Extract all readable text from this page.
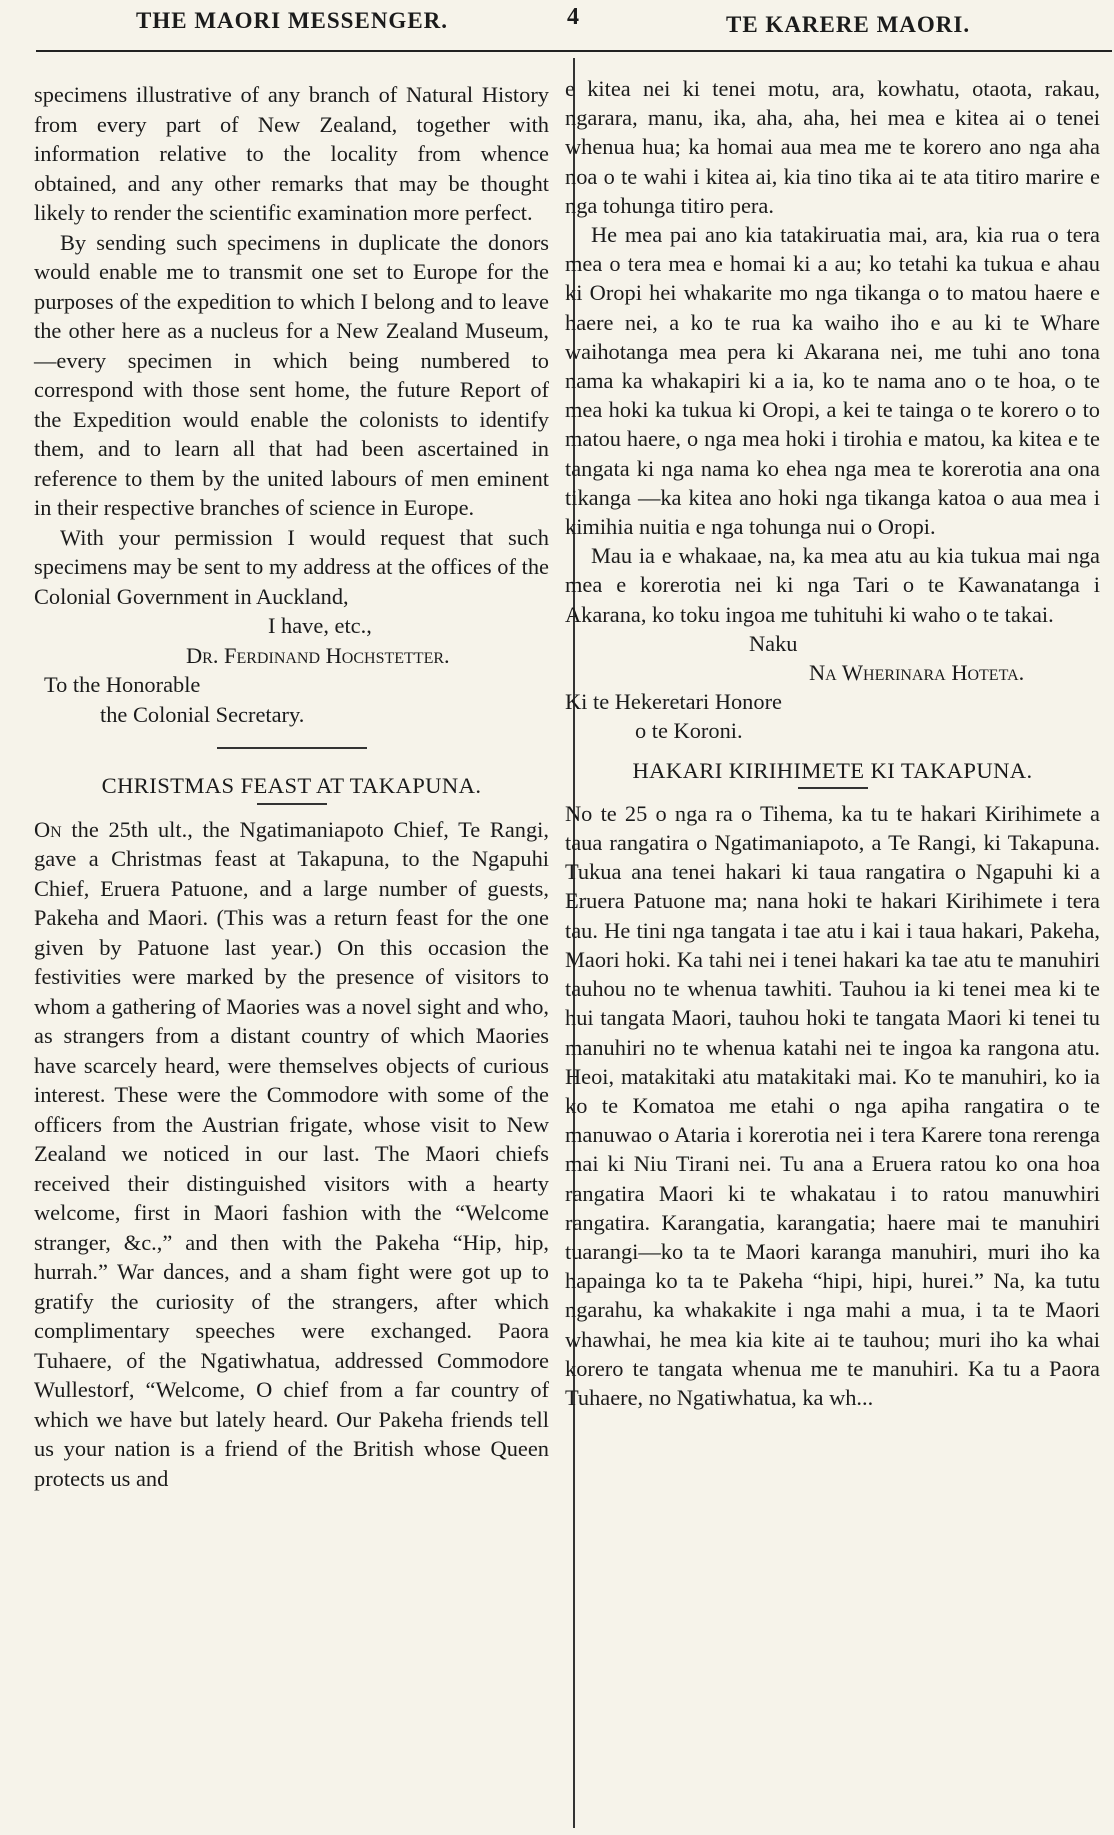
THE MAORI MESSENGER.	4	TE KARERE MAORI.

specimens illustrative of any branch of Natural History from every part of New Zealand, together with information relative to the locality from whence obtained, and any other remarks that may be thought likely to render the scientific examination more perfect.

By sending such specimens in duplicate the donors would enable me to transmit one set to Europe for the purposes of the expedition to which I belong and to leave the other here as a nucleus for a New Zealand Museum,—every specimen in which being numbered to correspond with those sent home, the future Report of the Expedition would enable the colonists to identify them, and to learn all that had been ascertained in reference to them by the united labours of men eminent in their respective branches of science in Europe.

With your permission I would request that such specimens may be sent to my address at the offices of the Colonial Government in Auckland,

I have, etc.,

Dr. Ferdinand Hochstetter.

To the Honorable

the Colonial Secretary.

CHRISTMAS FEAST AT TAKAPUNA.

On the 25th ult., the Ngatimaniapoto Chief, Te Rangi, gave a Christmas feast at Takapuna, to the Ngapuhi Chief, Eruera Patuone, and a large number of guests, Pakeha and Maori. (This was a return feast for the one given by Patuone last year.) On this occasion the festivities were marked by the presence of visitors to whom a gathering of Maories was a novel sight and who, as strangers from a distant country of which Maories have scarcely heard, were themselves objects of curious interest. These were the Commodore with some of the officers from the Austrian frigate, whose visit to New Zealand we noticed in our last. The Maori chiefs received their distinguished visitors with a hearty welcome, first in Maori fashion with the “Welcome stranger, &c.,” and then with the Pakeha “Hip, hip, hurrah.” War dances, and a sham fight were got up to gratify the curiosity of the strangers, after which complimentary speeches were exchanged. Paora Tuhaere, of the Ngatiwhatua, addressed Commodore Wullestorf, “Welcome, O chief from a far country of which we have but lately heard. Our Pakeha friends tell us your nation is a friend of the British whose Queen protects us and

e kitea nei ki tenei motu, ara, kowhatu, otaota, rakau, ngarara, manu, ika, aha, aha, hei mea e kitea ai o tenei whenua hua; ka homai aua mea me te korero ano nga aha noa o te wahi i kitea ai, kia tino tika ai te ata titiro marire e nga tohunga titiro pera.

He mea pai ano kia tatakiruatia mai, ara, kia rua o tera mea o tera mea e homai ki a au; ko tetahi ka tukua e ahau ki Oropi hei whakarite mo nga tikanga o to matou haere e haere nei, a ko te rua ka waiho iho e au ki te Whare waihotanga mea pera ki Akarana nei, me tuhi ano tona nama ka whakapiri ki a ia, ko te nama ano o te hoa, o te mea hoki ka tukua ki Oropi, a kei te tainga o te korero o to matou haere, o nga mea hoki i tirohia e matou, ka kitea e te tangata ki nga nama ko ehea nga mea te korerotia ana ona tikanga —ka kitea ano hoki nga tikanga katoa o aua mea i kimihia nuitia e nga tohunga nui o Oropi.

Mau ia e whakaae, na, ka mea atu au kia tukua mai nga mea e korerotia nei ki nga Tari o te Kawanatanga i Akarana, ko toku ingoa me tuhituhi ki waho o te takai.

Naku

Na Wherinara Hoteta.

Ki te Hekeretari Honore

o te Koroni.

HAKARI KIRIHIMETE KI TAKAPUNA.

No te 25 o nga ra o Tihema, ka tu te hakari Kirihimete a taua rangatira o Ngatimaniapoto, a Te Rangi, ki Takapuna. Tukua ana tenei hakari ki taua rangatira o Ngapuhi ki a Eruera Patuone ma; nana hoki te hakari Kirihimete i tera tau. He tini nga tangata i tae atu i kai i taua hakari, Pakeha, Maori hoki. Ka tahi nei i tenei hakari ka tae atu te manuhiri tauhou no te whenua tawhiti. Tauhou ia ki tenei mea ki te hui tangata Maori, tauhou hoki te tangata Maori ki tenei tu manuhiri no te whenua katahi nei te ingoa ka rangona atu. Heoi, matakitaki atu matakitaki mai. Ko te manuhiri, ko ia ko te Komatoa me etahi o nga apiha rangatira o te manuwao o Ataria i korerotia nei i tera Karere tona rerenga mai ki Niu Tirani nei. Tu ana a Eruera ratou ko ona hoa rangatira Maori ki te whakatau i to ratou manuwhiri rangatira. Karangatia, karangatia; haere mai te manuhiri tuarangi—ko ta te Maori karanga manuhiri, muri iho ka hapainga ko ta te Pakeha “hipi, hipi, hurei.” Na, ka tutu ngarahu, ka whakakite i nga mahi a mua, i ta te Maori whawhai, he mea kia kite ai te tauhou; muri iho ka whai korero te tangata whenua me te manuhiri. Ka tu a Paora Tuhaere, no Ngatiwhatua, ka wh...
